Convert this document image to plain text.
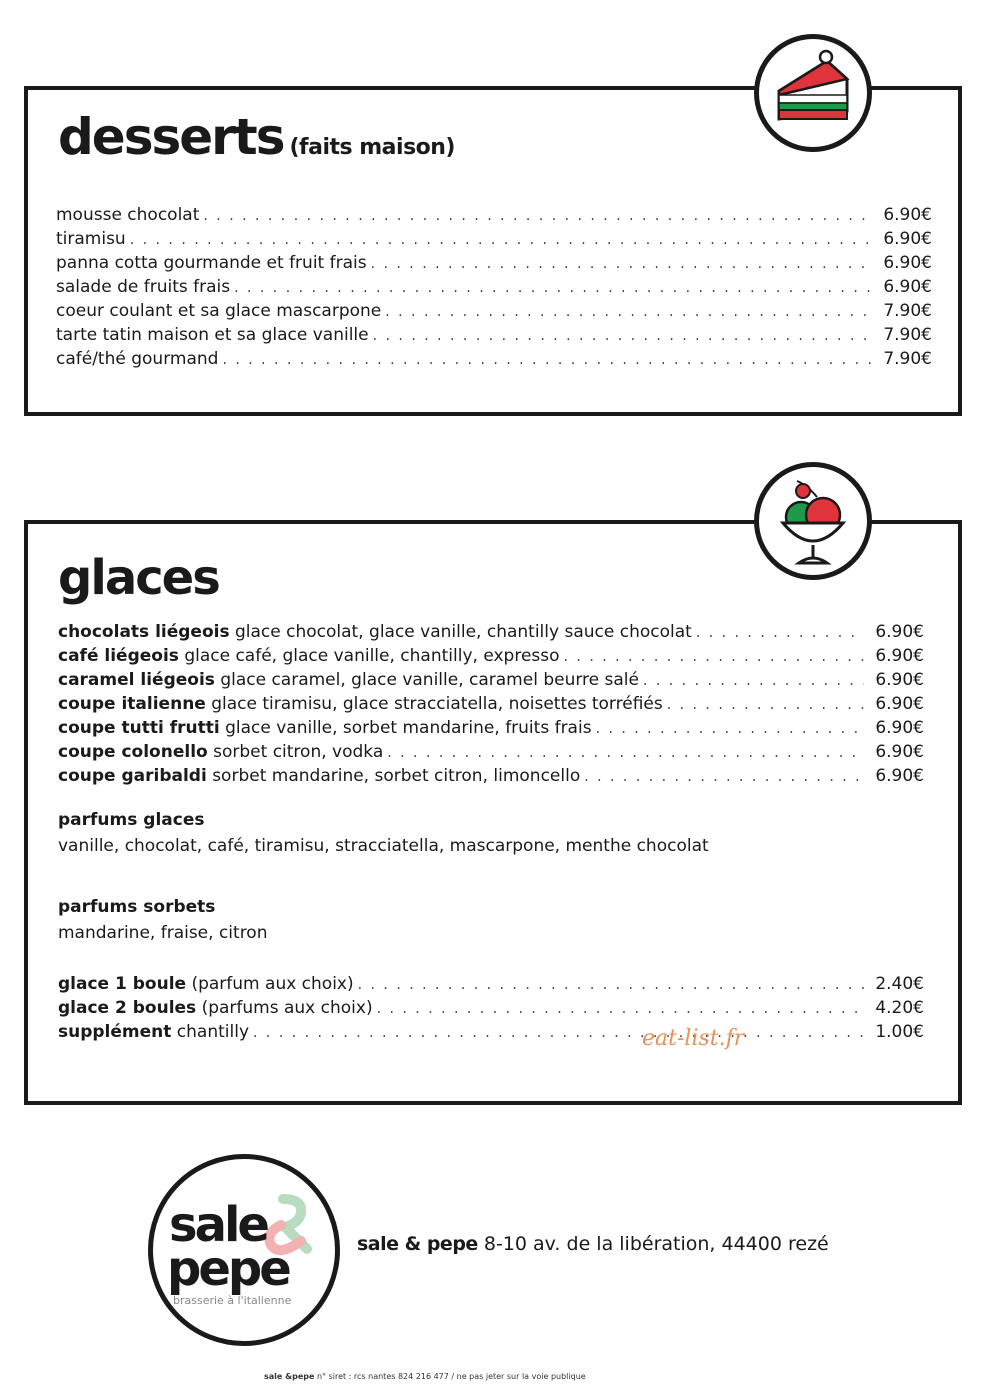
desserts (faits maison)
mousse chocolat . . .	6.90€
tiramisu . . .	6.90€
panna cotta gourmande et fruit frais . . .	6.90€
salade de fruits frais . . .	6.90€
coeur coulant et sa glace mascarpone . . .	7.90€
tarte tatin maison et sa glace vanille . . .	7.90€
café/thé gourmand . . .	7.90€
glaces
chocolats liégeois glace chocolat, glace vanille, chantilly sauce chocolat . . .	6.90€
café liégeois glace café, glace vanille, chantilly, expresso . . .	6.90€
caramel liégeois glace caramel, glace vanille, caramel beurre salé . . .	6.90€
coupe italienne glace tiramisu, glace stracciatella, noisettes torréfiés . . .	6.90€
coupe tutti frutti glace vanille, sorbet mandarine, fruits frais . . .	6.90€
coupe colonello sorbet citron, vodka . . .	6.90€
coupe garibaldi sorbet mandarine, sorbet citron, limoncello . . .	6.90€
parfums glaces
vanille, chocolat, café, tiramisu, stracciatella, mascarpone, menthe chocolat
parfums sorbets
mandarine, fraise, citron
glace 1 boule (parfum aux choix) . . .	2.40€
glace 2 boules (parfums aux choix) . . .	4.20€
supplément chantilly . . .	1.00€
eat-list.fr
sale
pepe
brasserie à l'italienne
sale & pepe 8-10 av. de la libération, 44400 rezé
sale &pepe n° siret : rcs nantes 824 216 477 / ne pas jeter sur la voie publique
